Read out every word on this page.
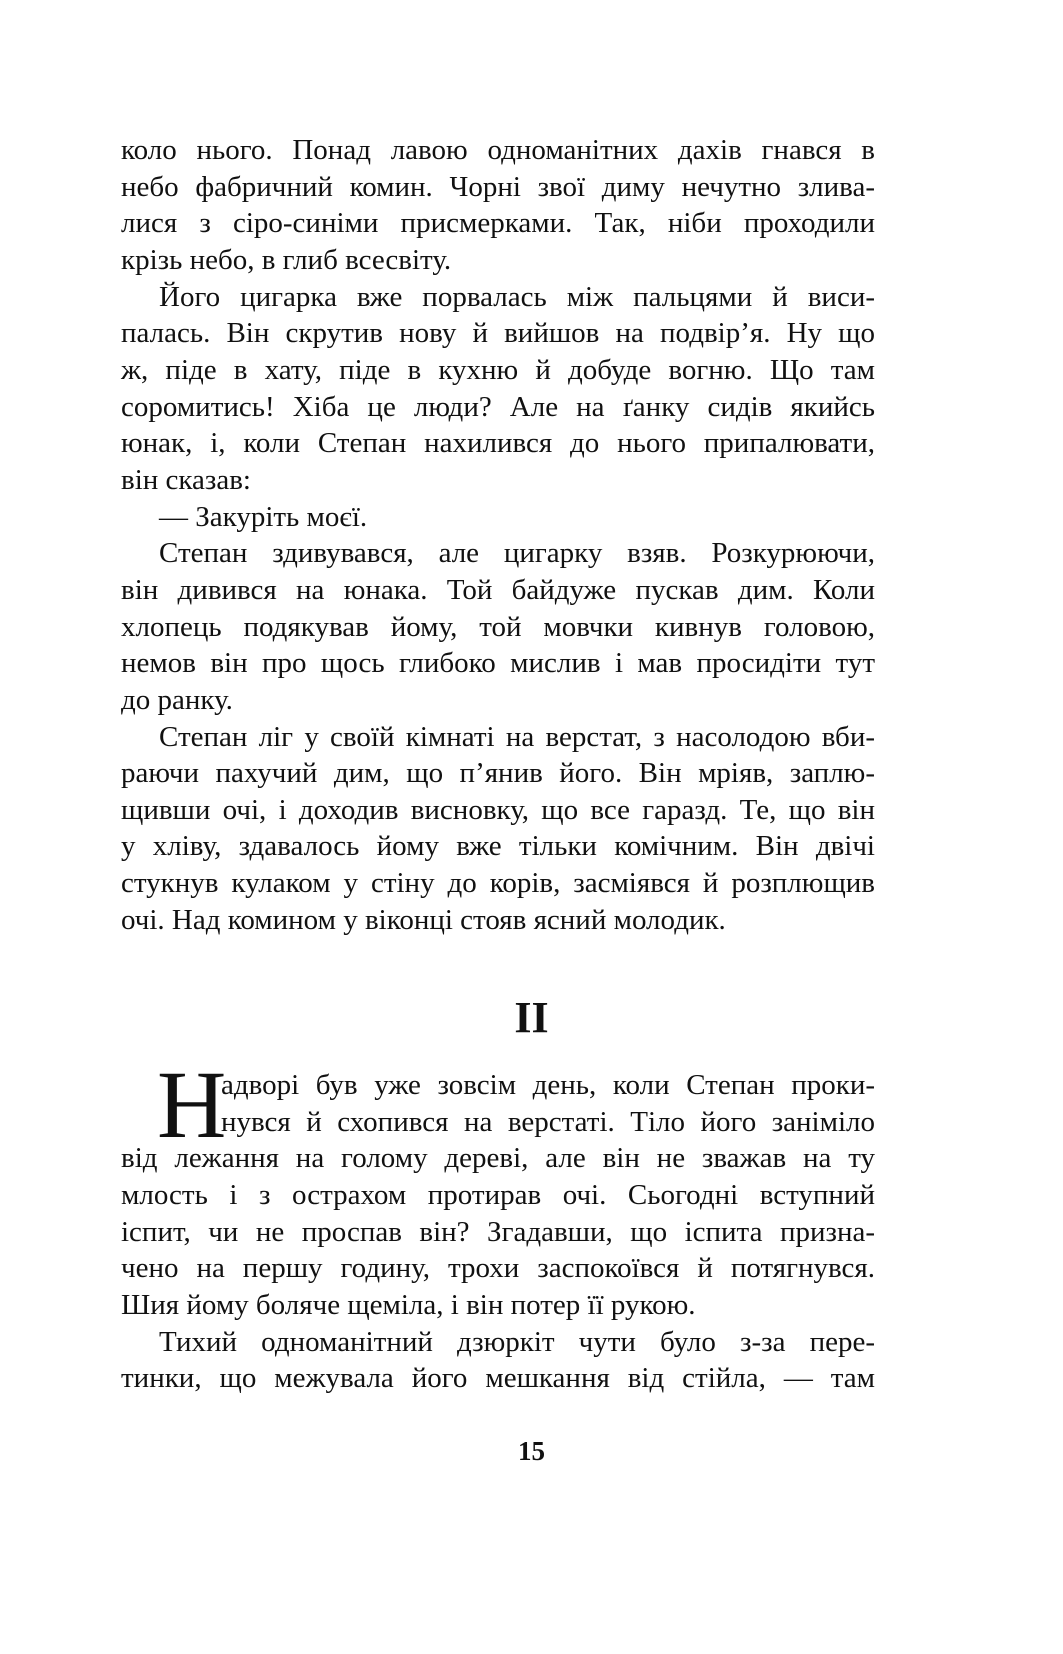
коло нього. Понад лавою одноманітних дахів гнався в
небо фабричний комин. Чорні звої диму нечутно злива-
лися з сіро-синіми присмерками. Так, ніби проходили
крізь небо, в глиб всесвіту.
Його цигарка вже порвалась між пальцями й виси-
палась. Він скрутив нову й вийшов на подвір’я. Ну що
ж, піде в хату, піде в кухню й добуде вогню. Що там
соромитись! Хіба це люди? Але на ґанку сидів якийсь
юнак, і, коли Степан нахилився до нього припалювати,
він сказав:
— Закуріть моєї.
Степан здивувався, але цигарку взяв. Розкурюючи,
він дивився на юнака. Той байдуже пускав дим. Коли
хлопець подякував йому, той мовчки кивнув головою,
немов він про щось глибоко мислив і мав просидіти тут
до ранку.
Степан ліг у своїй кімнаті на верстат, з насолодою вби-
раючи пахучий дим, що п’янив його. Він мріяв, заплю-
щивши очі, і доходив висновку, що все гаразд. Те, що він
у хліву, здавалось йому вже тільки комічним. Він двічі
стукнув кулаком у стіну до корів, засміявся й розплющив
очі. Над комином у віконці стояв ясний молодик.
II
Н
адворі був уже зовсім день, коли Степан проки-
нувся й схопився на верстаті. Тіло його заніміло
від лежання на голому дереві, але він не зважав на ту
млость і з острахом протирав очі. Сьогодні вступний
іспит, чи не проспав він? Згадавши, що іспита призна-
чено на першу годину, трохи заспокоївся й потягнувся.
Шия йому боляче щеміла, і він потер її рукою.
Тихий одноманітний дзюркіт чути було з-за пере-
тинки, що межувала його мешкання від стійла, — там
15
